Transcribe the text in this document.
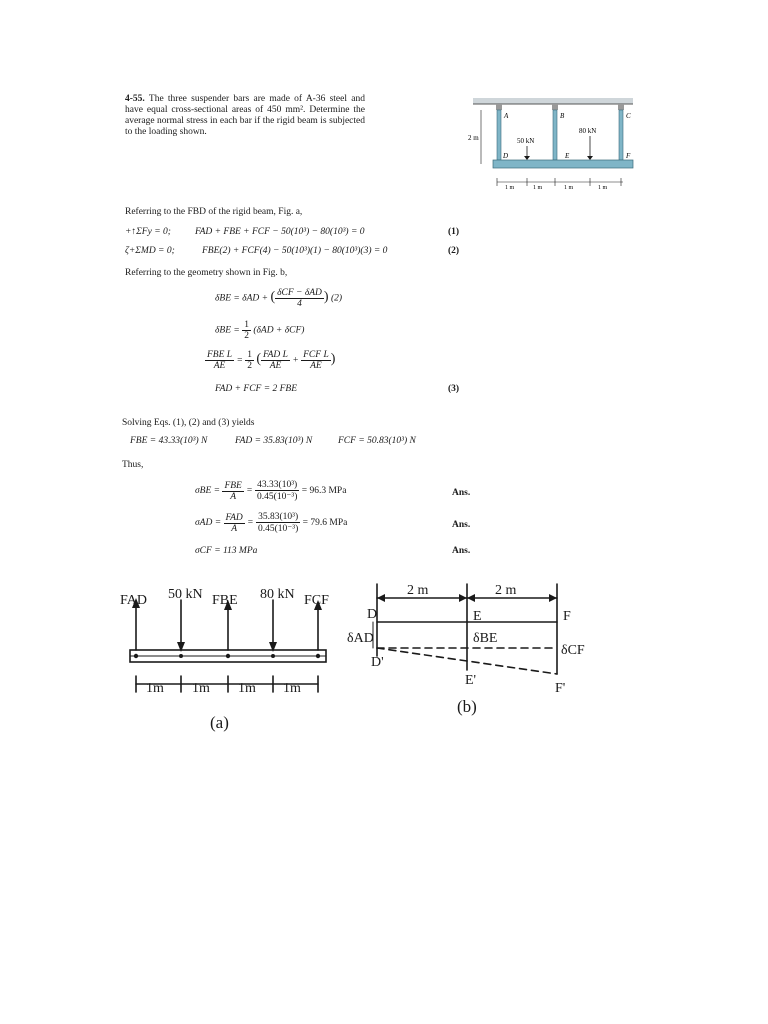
4-55. The three suspender bars are made of A-36 steel and have equal cross-sectional areas of 450 mm². Determine the average normal stress in each bar if the rigid beam is subjected to the loading shown.
A	B	C
D	E	F
2 m	50 kN
80 kN
1 m	1 m	1 m	1 m
Referring to the FBD of the rigid beam, Fig. a,
+↑ΣFy = 0;	FAD + FBE + FCF − 50(10³) − 80(10³) = 0	(1)
ζ+ΣMD = 0;	FBE(2) + FCF(4) − 50(10³)(1) − 80(10³)(3) = 0	(2)
Referring to the geometry shown in Fig. b,
δBE = δAD + ( $\frac{\text{δCF − δAD}}{4}$ ) (2)
$\delta BE = \frac{1}{2} (\delta AD + \delta CF)$
$\frac{\text{FBE L}}{AE} = \frac{1}{2}$ ( $\frac{\text{FAD L}}{AE} + \frac{\text{FCF L}}{AE}$ )
FAD + FCF = 2 FBE	(3)
Solving Eqs. (1), (2) and (3) yields
FBE = 43.33(10³) N	FAD = 35.83(10³) N	FCF = 50.83(10³) N
Thus,
$\sigma BE = \frac{\text{FBE}}{A} = \frac{\text{43.33(10³)}}{\text{0.45(10⁻³)}} = 96.3$ MPa	Ans.
$\sigma AD = \frac{\text{FAD}}{A} = \frac{\text{35.83(10³)}}{\text{0.45(10⁻³)}} = 79.6$ MPa	Ans.
σCF = 113 MPa	Ans.
FAD 50 kN FBE 80 kN FCF
1m 1m 1m 1m
(a)
2 m	2 m
D	E	F
D'
E'
F'
δAD	δBE
δCF
(b)
